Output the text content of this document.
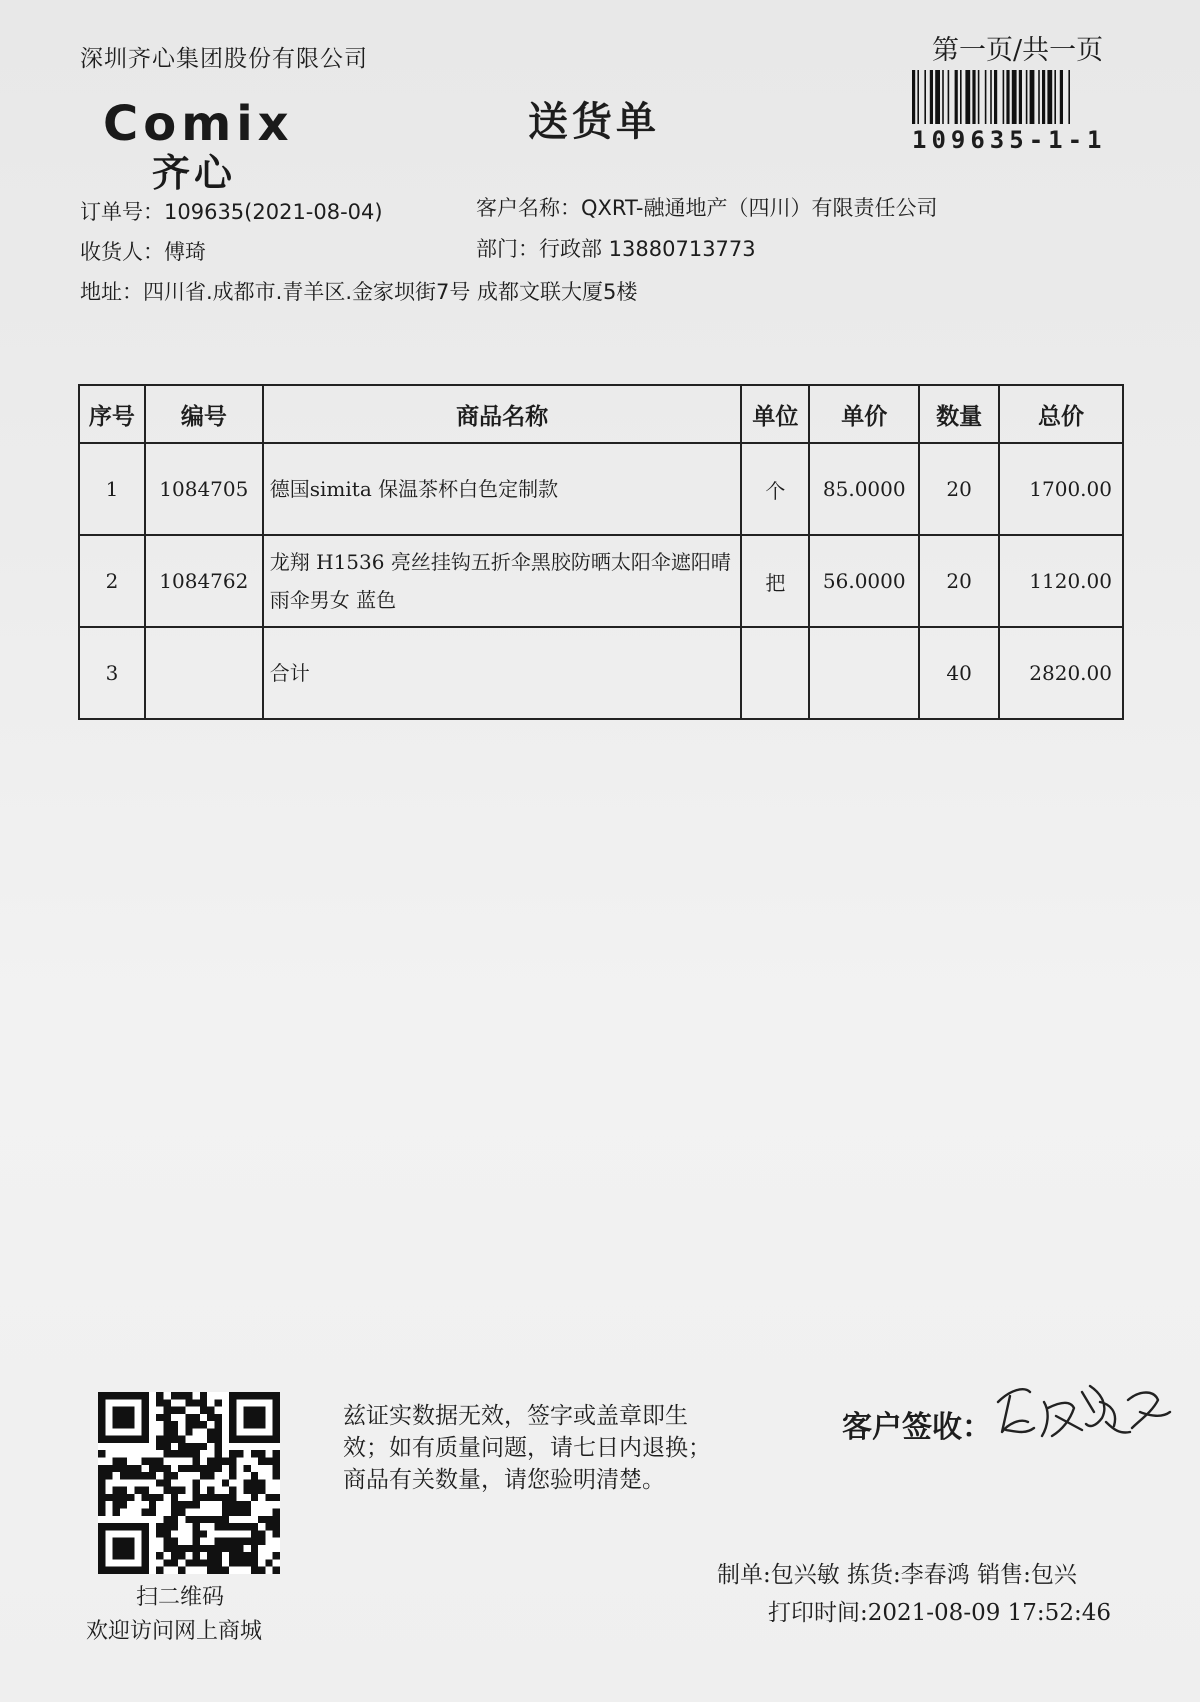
深圳齐心集团股份有限公司
Comix
齐心
送货单
第一页/共一页
109635-1-1
订单号：109635(2021-08-04)	客户名称：QXRT-融通地产（四川）有限责任公司
收货人：傅琦	部门：行政部 13880713773
地址：四川省.成都市.青羊区.金家坝街7号 成都文联大厦5楼
序号	编号	商品名称	单位	单价	数量	总价
1	1084705	德国simita 保温茶杯白色定制款	个	85.0000	20	1700.00
2	1084762	龙翔 H1536 亮丝挂钩五折伞黑胶防晒太阳伞遮阳晴雨伞男女 蓝色	把	56.0000	20	1120.00
3		合计			40	2820.00
扫二维码
欢迎访问网上商城
兹证实数据无效，签字或盖章即生
效；如有质量问题，请七日内退换；
商品有关数量，请您验明清楚。
客户签收：
制单:包兴敏 拣货:李春鸿 销售:包兴
打印时间:2021-08-09 17:52:46
